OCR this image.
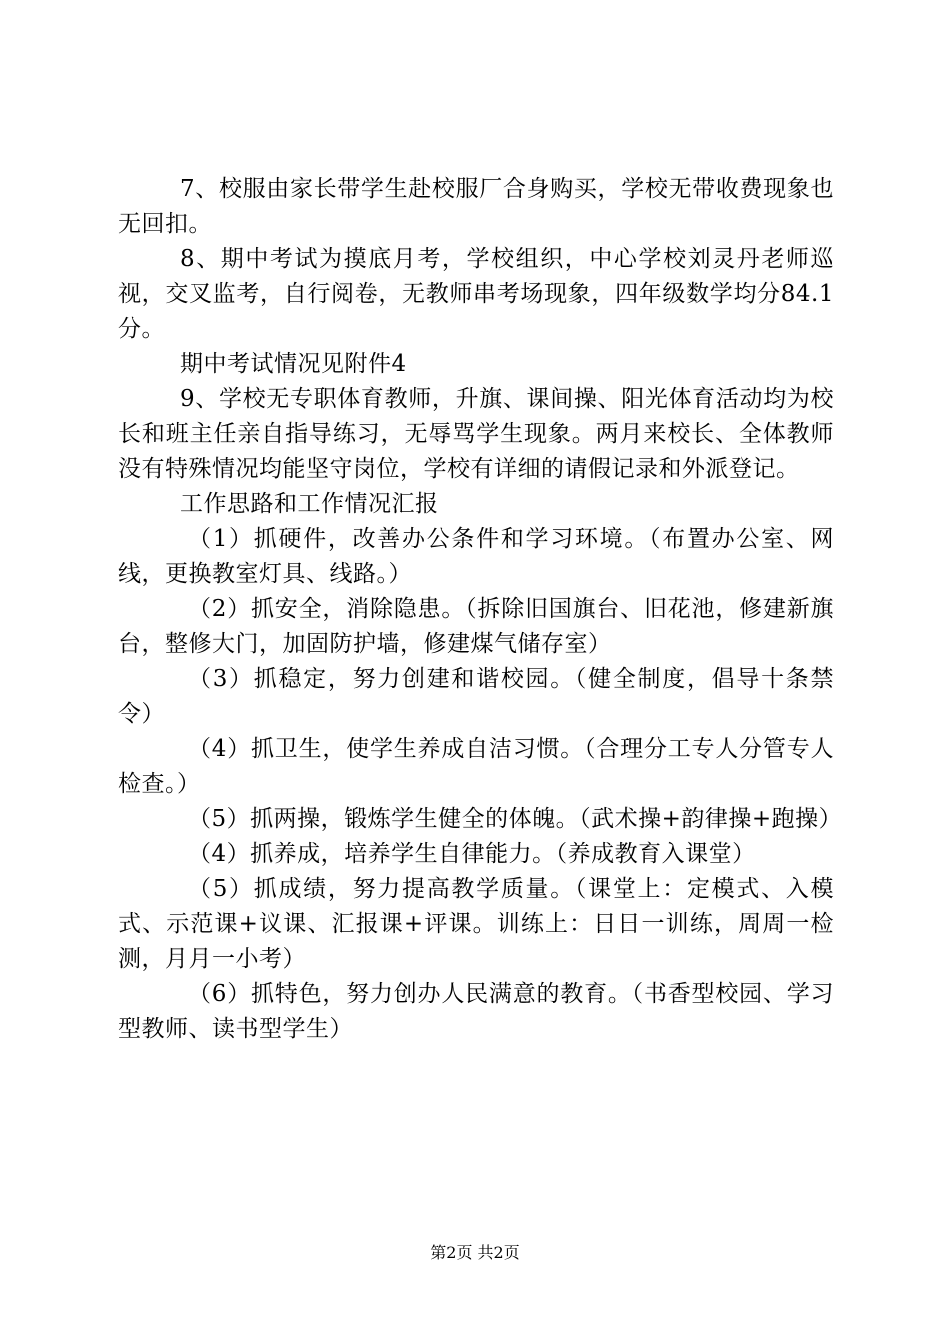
7、校服由家长带学生赴校服厂合身购买，学校无带收费现象也无回扣。

8、期中考试为摸底月考，学校组织，中心学校刘灵丹老师巡视，交叉监考，自行阅卷，无教师串考场现象，四年级数学均分84.1分。

期中考试情况见附件4

9、学校无专职体育教师，升旗、课间操、阳光体育活动均为校长和班主任亲自指导练习，无辱骂学生现象。两月来校长、全体教师没有特殊情况均能坚守岗位，学校有详细的请假记录和外派登记。

工作思路和工作情况汇报

（1）抓硬件，改善办公条件和学习环境。（布置办公室、网线，更换教室灯具、线路。）

（2）抓安全，消除隐患。（拆除旧国旗台、旧花池，修建新旗台，整修大门，加固防护墙，修建煤气储存室）

（3）抓稳定，努力创建和谐校园。（健全制度，倡导十条禁令）

（4）抓卫生，使学生养成自洁习惯。（合理分工专人分管专人检查。）

（5）抓两操，锻炼学生健全的体魄。（武术操+韵律操+跑操）

（4）抓养成，培养学生自律能力。（养成教育入课堂）

（5）抓成绩，努力提高教学质量。（课堂上：定模式、入模式、示范课+议课、汇报课+评课。训练上：日日一训练，周周一检测，月月一小考）

（6）抓特色，努力创办人民满意的教育。（书香型校园、学习型教师、读书型学生）

第2页 共2页
